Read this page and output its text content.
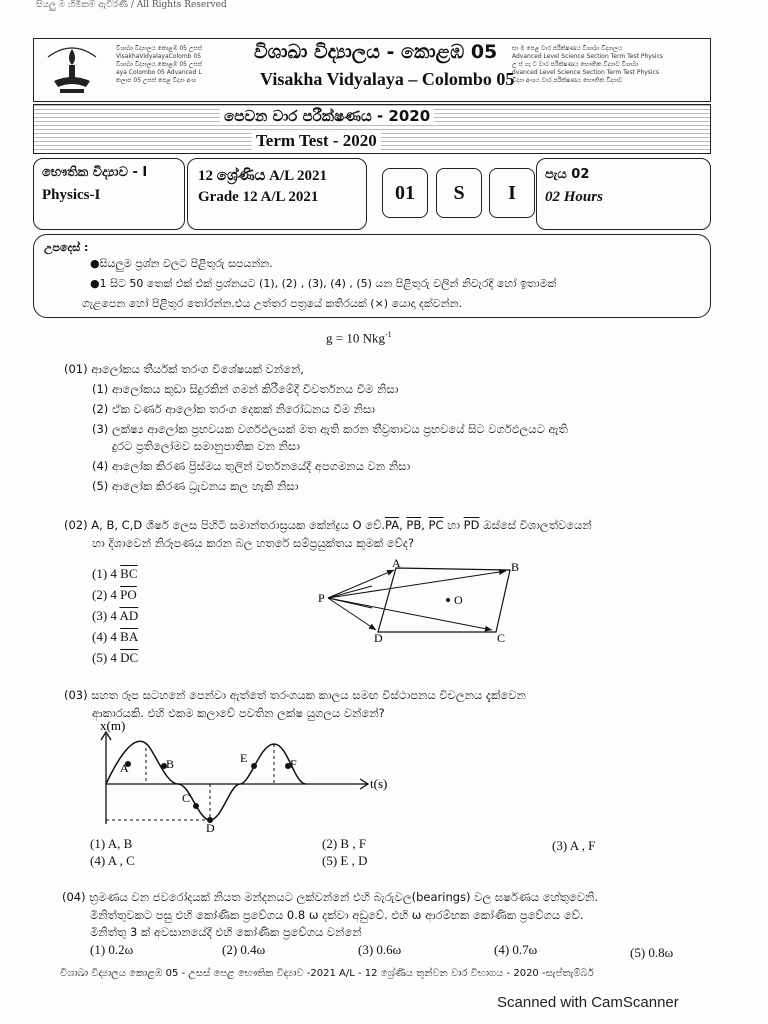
සියලු ම හිමිකම් ඇවිරිණි / All Rights Reserved
විශාඛා විද්‍යාලය කොළඹ 05 උසස්
VisakhaVidyalayaColomb 05
විශාඛා විද්‍යාලය කොළඹ 05 උසස්
aya Colombo 05 Advanced L
කලාප 05 උසස් පෙළ විද්‍යා අංශ
විශාඛා විද්‍යාලය - කොළඹ 05
Visakha Vidyalaya – Colombo 05
සා ම පෙළ වාර පරීක්ෂණය විශාඛා විද්‍යාලය
Advanced Level Science Section Term Test Physics
උ ස් ගැ ට වාර පරීක්ෂණය භෞතික විද්‍යාව විශාඛා
dvanced Level Science Section Term Test Physics
විද්‍යා අංශය වාර පරීක්ෂණය භෞතික විද්‍යාව
පෙවන වාර පරීක්ෂණය - 2020
Term Test - 2020
භෞතික විද්‍යාව - I
Physics-I
12 ශ්‍රේණිය A/L 2021
Grade 12 A/L 2021	01	S	I
පැය 02
02 Hours
උපදෙස් :
●සියලුම ප්‍රශ්න වලට පිළිතුරු සපයන්න.
●1 සිට 50 තෙක් එක් එක් ප්‍රශ්නයට (1), (2) , (3), (4) , (5) යන පිළිතුරු වලින් නිවැරදි හෝ ඉතාමක්
ගැළපෙන හෝ පිළිතුර තෝරන්න.එය උත්තර පත්‍රයේ කතිරයක් (×) යොදා දක්වන්න.
g = 10 Nkg$^{-1}$
(01) ආලෝකය තීර්යක් තරංග විශේෂයක් වන්නේ,
(1) ආලෝකය කුඩා සිදුරකින් ගමන් කිරීමේදී විවර්තනය වීම නිසා
(2) ඒක වර්ණ ආලෝක තරංග දෙකක් නිරෝධනය වීම නිසා
(3) ලක්ෂ්‍ය ආලෝක ප්‍රභවයක වර්ගඵලයක් මත ඇති කරන තීව්‍රතාවය ප්‍රභවයේ සිට වර්ගඵලයට ඇති
දුරට ප්‍රතිලෝමව සමානුපාතික වන නිසා
(4) ආලෝක කිරණ ප්‍රිස්මය තුලින් වර්තනයේදී අපගමනය වන නිසා
(5) ආලෝක කිරණ ධ්‍රැවනය කල හැකි නිසා
(02) A, B, C,D ශීර්ෂ ලෙස පිහිටි සමාන්තරාස්‍රයක කේන්ද්‍රය O $වේ.\overline{PA}$, $\overline{PB}$, $\overline{PC}$ හා $\overline{PD}$ ඔස්සේ විශාලත්වයෙන්
හා දිශාවෙන් නිරූපණය කරන බල හතරේ සම්ප්‍රයුක්තය කුමක් වේද?
(1) 4 $\overline{BC}$
(2) 4 $\overline{PO}$
(3) 4 $\overline{AD}$
(4) 4 $\overline{BA}$
(5) 4 $\overline{DC}$
A	B
C
D
P	O
(03) සහත රූප සටහනේ පෙන්වා ඇත්තේ තරංගයක කාලය සමඟ විස්ථාපනය විචලනය දැක්වෙන
ආකාරයකි. එහි එකම කලාවේ පවතින ලක්ෂ යුගලය වන්නේ?
x(m)
t(s)
A	B
C
D
E	F
(1) A, B	(2) B , F	(3) A , F
(4) A , C	(5) E , D
(04) භ්‍රමණය වන ජවරෝදයක් නියත මන්දනයට ලක්වන්නේ එහි බැරුවල(bearings) වල ඝර්ෂණය හේතුවෙනි.
මිනිත්තුවකට පසු එහි කෝණික ප්‍රවේගය 0.8 ω දක්වා අඩුවේ. එහි ω ආරම්භක කෝණික ප්‍රවේගය වේ.
මිනිත්තු 3 ක් අවසානයේදී එහි කෝණික ප්‍රවේගය වන්නේ
(1) 0.2ω	(2) 0.4ω	(3) 0.6ω	(4) 0.7ω	(5) 0.8ω
විශාඛා විද්‍යාලය කොළඹ 05 - උසස් පෙළ භෞතික විද්‍යාව -2021 A/L - 12 ශ්‍රේණිය තුන්වන වාර විභාගය - 2020 -සැප්තැම්බර්
Scanned with CamScanner
